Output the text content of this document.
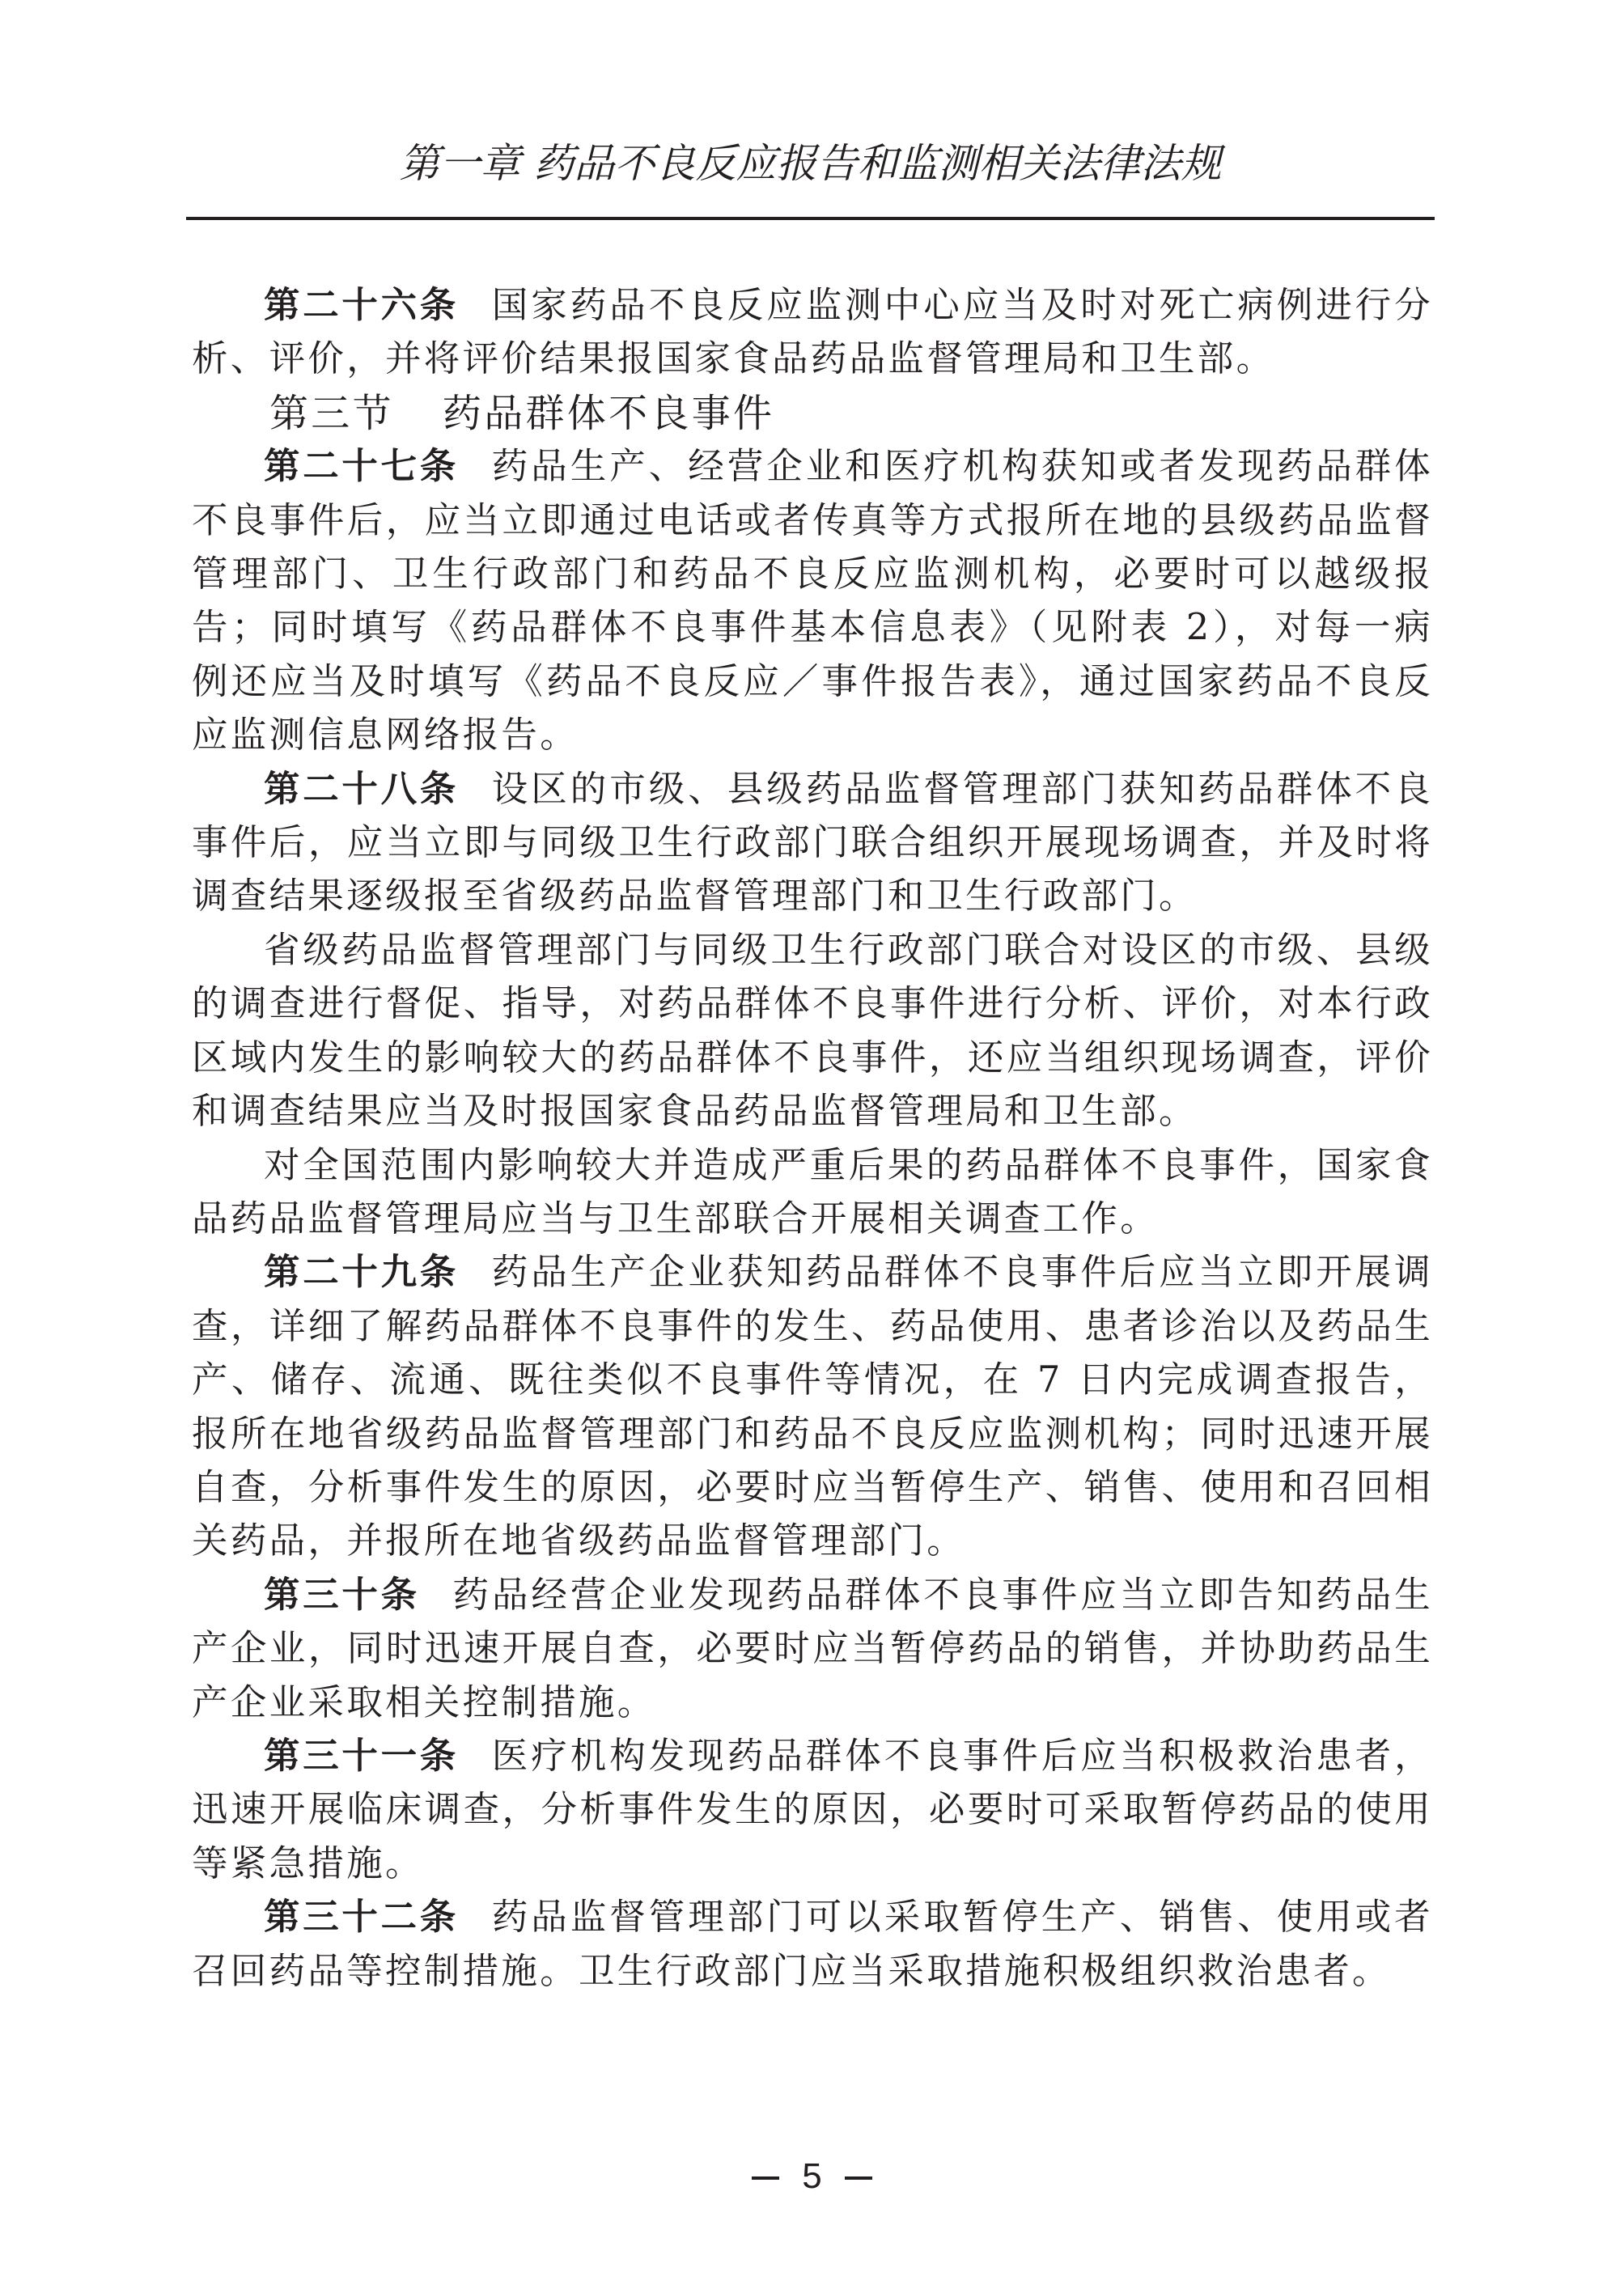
第一章 药品不良反应报告和监测相关法律法规

第二十六条 国家药品不良反应监测中心应当及时对死亡病例进行分析、评价，并将评价结果报国家食品药品监督管理局和卫生部。

第三节 药品群体不良事件

第二十七条 药品生产、经营企业和医疗机构获知或者发现药品群体不良事件后，应当立即通过电话或者传真等方式报所在地的县级药品监督管理部门、卫生行政部门和药品不良反应监测机构，必要时可以越级报告；同时填写《药品群体不良事件基本信息表》（见附表 2），对每一病例还应当及时填写《药品不良反应／事件报告表》，通过国家药品不良反应监测信息网络报告。

第二十八条 设区的市级、县级药品监督管理部门获知药品群体不良事件后，应当立即与同级卫生行政部门联合组织开展现场调查，并及时将调查结果逐级报至省级药品监督管理部门和卫生行政部门。

省级药品监督管理部门与同级卫生行政部门联合对设区的市级、县级的调查进行督促、指导，对药品群体不良事件进行分析、评价，对本行政区域内发生的影响较大的药品群体不良事件，还应当组织现场调查，评价和调查结果应当及时报国家食品药品监督管理局和卫生部。

对全国范围内影响较大并造成严重后果的药品群体不良事件，国家食品药品监督管理局应当与卫生部联合开展相关调查工作。

第二十九条 药品生产企业获知药品群体不良事件后应当立即开展调查，详细了解药品群体不良事件的发生、药品使用、患者诊治以及药品生产、储存、流通、既往类似不良事件等情况，在 7 日内完成调查报告，报所在地省级药品监督管理部门和药品不良反应监测机构；同时迅速开展自查，分析事件发生的原因，必要时应当暂停生产、销售、使用和召回相关药品，并报所在地省级药品监督管理部门。

第三十条 药品经营企业发现药品群体不良事件应当立即告知药品生产企业，同时迅速开展自查，必要时应当暂停药品的销售，并协助药品生产企业采取相关控制措施。

第三十一条 医疗机构发现药品群体不良事件后应当积极救治患者，迅速开展临床调查，分析事件发生的原因，必要时可采取暂停药品的使用等紧急措施。

第三十二条 药品监督管理部门可以采取暂停生产、销售、使用或者召回药品等控制措施。卫生行政部门应当采取措施积极组织救治患者。

5
